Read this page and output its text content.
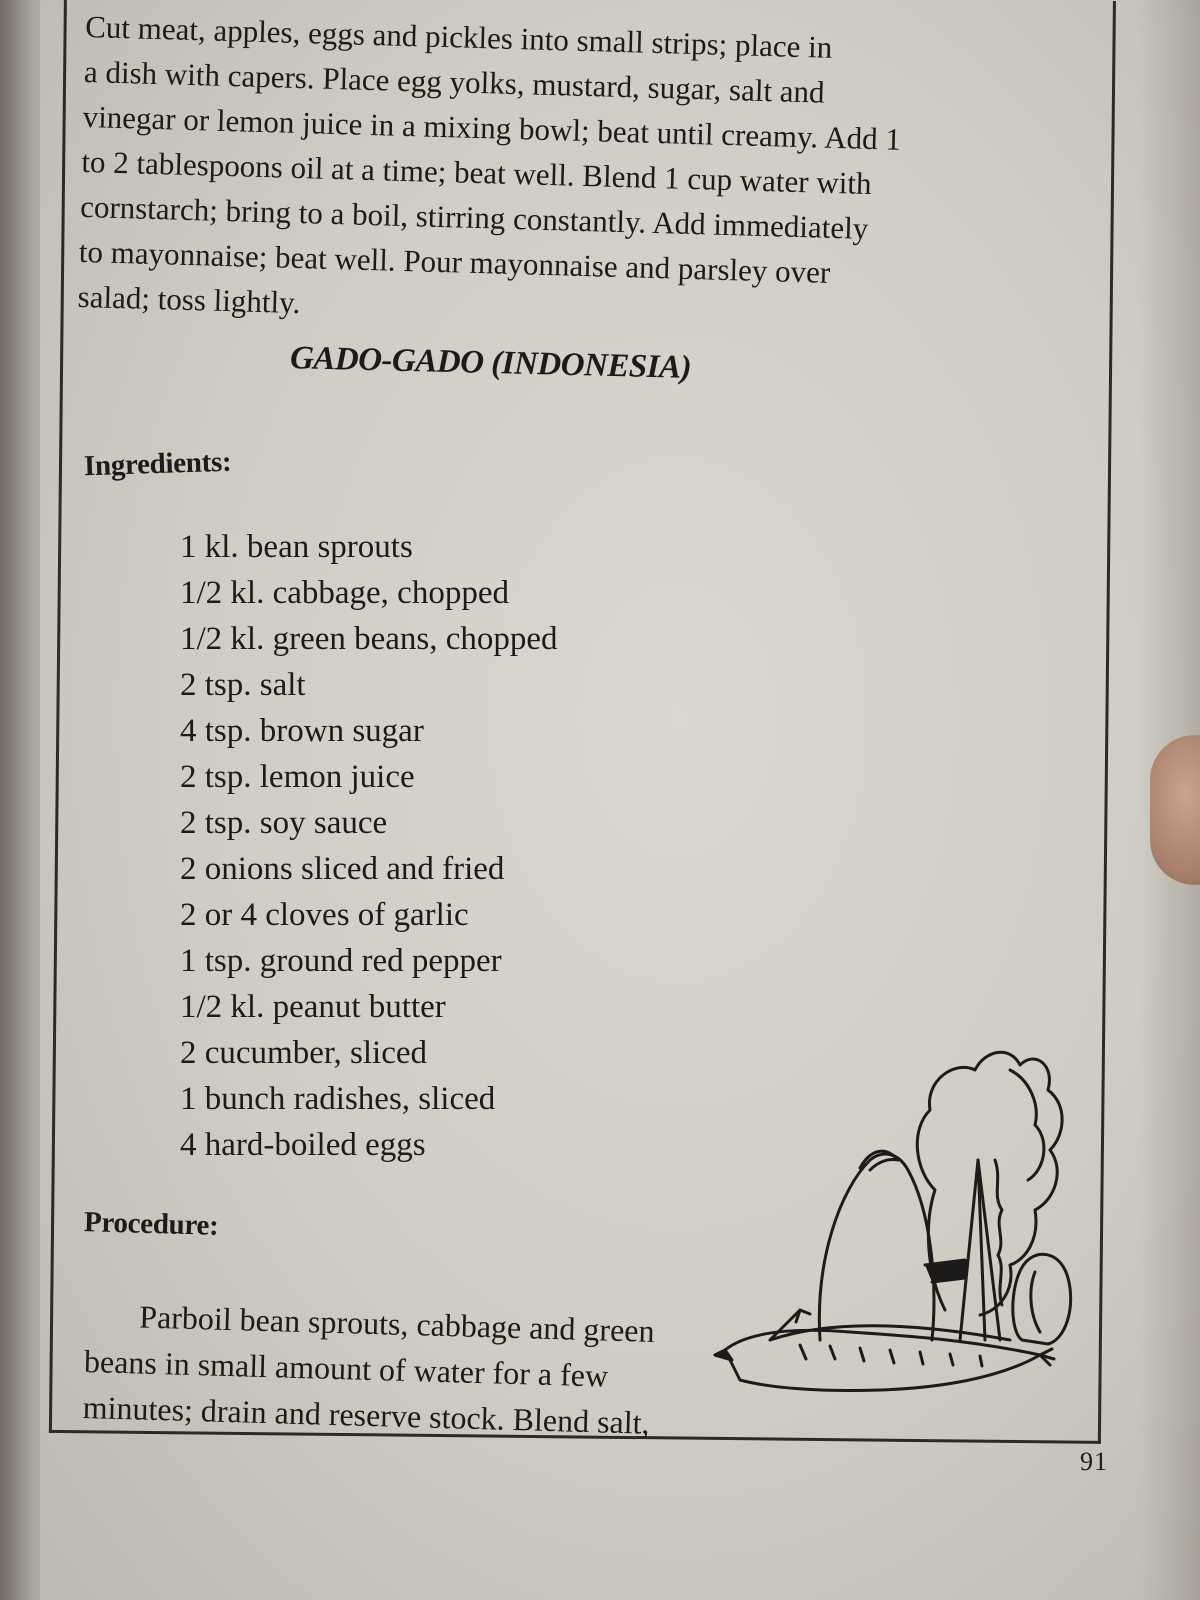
Cut meat, apples, eggs and pickles into small strips; place in
a dish with capers. Place egg yolks, mustard, sugar, salt and
vinegar or lemon juice in a mixing bowl; beat until creamy. Add 1
to 2 tablespoons oil at a time; beat well. Blend 1 cup water with
cornstarch; bring to a boil, stirring constantly. Add immediately
to mayonnaise; beat well. Pour mayonnaise and parsley over
salad; toss lightly.

GADO-GADO (INDONESIA)
Ingredients:
1 kl. bean sprouts
1/2 kl. cabbage, chopped
1/2 kl. green beans, chopped
2 tsp. salt
4 tsp. brown sugar
2 tsp. lemon juice
2 tsp. soy sauce
2 onions sliced and fried
2 or 4 cloves of garlic
1 tsp. ground red pepper
1/2 kl. peanut butter
2 cucumber, sliced
1 bunch radishes, sliced
4 hard-boiled eggs
Procedure:
Parboil bean sprouts, cabbage and green
beans in small amount of water for a few
minutes; drain and reserve stock. Blend salt,
91
